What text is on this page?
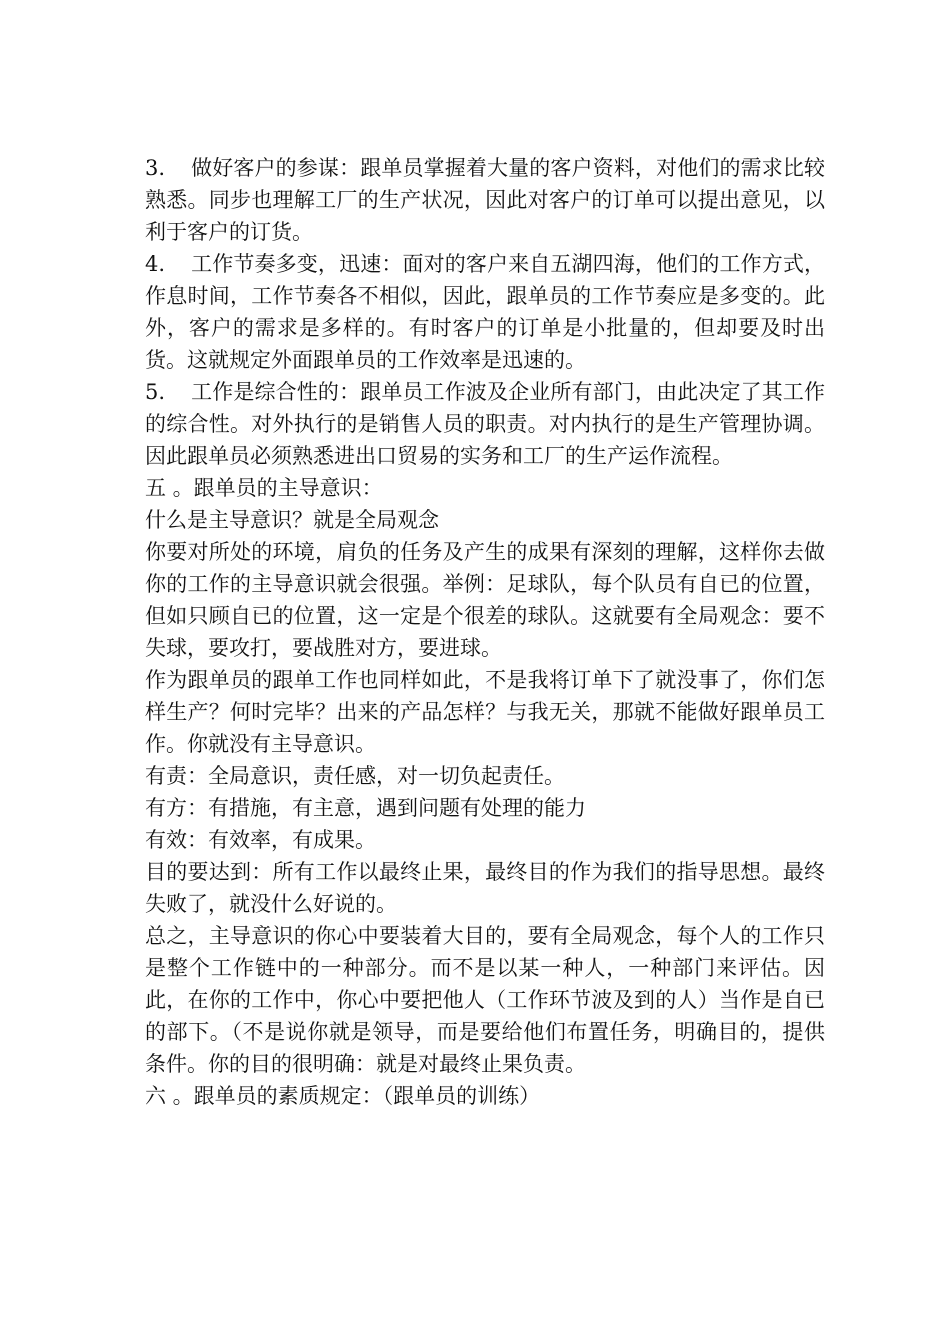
3. 做好客户的参谋：跟单员掌握着大量的客户资料，对他们的需求比较熟悉。同步也理解工厂的生产状况，因此对客户的订单可以提出意见，以利于客户的订货。

4. 工作节奏多变，迅速：面对的客户来自五湖四海，他们的工作方式，作息时间，工作节奏各不相似，因此，跟单员的工作节奏应是多变的。此外，客户的需求是多样的。有时客户的订单是小批量的，但却要及时出货。这就规定外面跟单员的工作效率是迅速的。

5. 工作是综合性的：跟单员工作波及企业所有部门，由此决定了其工作的综合性。对外执行的是销售人员的职责。对内执行的是生产管理协调。因此跟单员必须熟悉进出口贸易的实务和工厂的生产运作流程。

五 。跟单员的主导意识：

什么是主导意识？就是全局观念

你要对所处的环境，肩负的任务及产生的成果有深刻的理解，这样你去做你的工作的主导意识就会很强。举例：足球队，每个队员有自已的位置，但如只顾自已的位置，这一定是个很差的球队。这就要有全局观念：要不失球，要攻打，要战胜对方，要进球。

作为跟单员的跟单工作也同样如此，不是我将订单下了就没事了，你们怎样生产？何时完毕？出来的产品怎样？与我无关，那就不能做好跟单员工作。你就没有主导意识。

有责：全局意识，责任感，对一切负起责任。

有方：有措施，有主意，遇到问题有处理的能力

有效：有效率，有成果。

目的要达到：所有工作以最终止果，最终目的作为我们的指导思想。最终失败了，就没什么好说的。

总之，主导意识的你心中要装着大目的，要有全局观念，每个人的工作只是整个工作链中的一种部分。而不是以某一种人，一种部门来评估。因此，在你的工作中，你心中要把他人（工作环节波及到的人）当作是自已的部下。（不是说你就是领导，而是要给他们布置任务，明确目的，提供条件。你的目的很明确：就是对最终止果负责。

六 。跟单员的素质规定：（跟单员的训练）
